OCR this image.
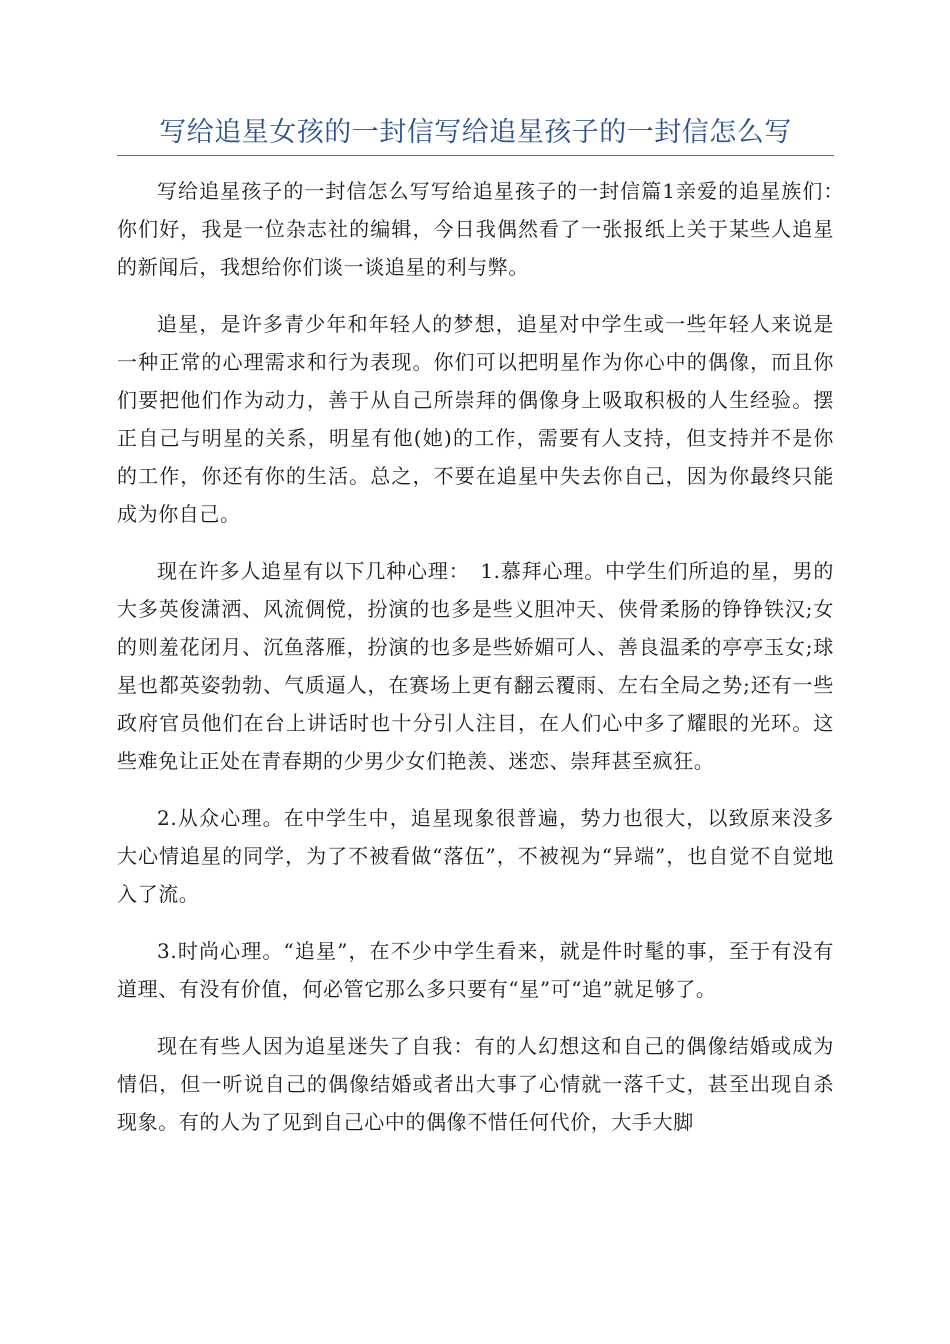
写给追星女孩的一封信写给追星孩子的一封信怎么写

写给追星孩子的一封信怎么写写给追星孩子的一封信篇1亲爱的追星族们：　　你们好，我是一位杂志社的编辑，今日我偶然看了一张报纸上关于某些人追星的新闻后，我想给你们谈一谈追星的利与弊。

追星，是许多青少年和年轻人的梦想，追星对中学生或一些年轻人来说是一种正常的心理需求和行为表现。你们可以把明星作为你心中的偶像，而且你们要把他们作为动力，善于从自己所崇拜的偶像身上吸取积极的人生经验。摆正自己与明星的关系，明星有他(她)的工作，需要有人支持，但支持并不是你的工作，你还有你的生活。总之，不要在追星中失去你自己，因为你最终只能成为你自己。

现在许多人追星有以下几种心理：　1.慕拜心理。中学生们所追的星，男的大多英俊潇洒、风流倜傥，扮演的也多是些义胆冲天、侠骨柔肠的铮铮铁汉;女的则羞花闭月、沉鱼落雁，扮演的也多是些娇媚可人、善良温柔的亭亭玉女;球星也都英姿勃勃、气质逼人，在赛场上更有翻云覆雨、左右全局之势;还有一些政府官员他们在台上讲话时也十分引人注目，在人们心中多了耀眼的光环。这些难免让正处在青春期的少男少女们艳羡、迷恋、崇拜甚至疯狂。

2.从众心理。在中学生中，追星现象很普遍，势力也很大，以致原来没多大心情追星的同学，为了不被看做“落伍”，不被视为“异端”，也自觉不自觉地入了流。

3.时尚心理。“追星”，在不少中学生看来，就是件时髦的事，至于有没有道理、有没有价值，何必管它那么多只要有“星”可“追”就足够了。

现在有些人因为追星迷失了自我：有的人幻想这和自己的偶像结婚或成为情侣，但一听说自己的偶像结婚或者出大事了心情就一落千丈，甚至出现自杀现象。有的人为了见到自己心中的偶像不惜任何代价，大手大脚
